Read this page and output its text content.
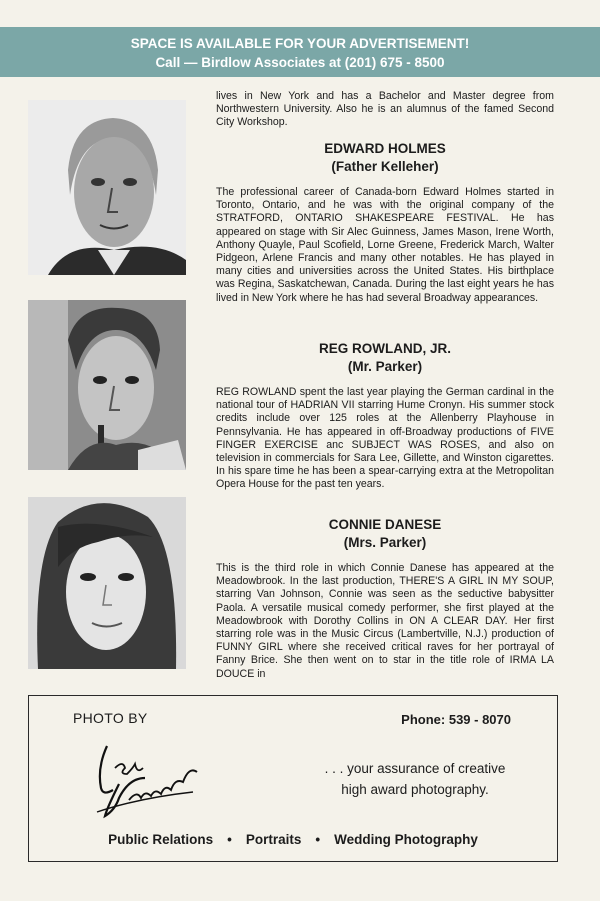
SPACE IS AVAILABLE FOR YOUR ADVERTISEMENT!
Call — Birdlow Associates at (201) 675 - 8500
lives in New York and has a Bachelor and Master degree from Northwestern University. Also he is an alumnus of the famed Second City Workshop.
EDWARD HOLMES
(Father Kelleher)
The professional career of Canada-born Edward Holmes started in Toronto, Ontario, and he was with the original company of the STRATFORD, ONTARIO SHAKESPEARE FESTIVAL. He has appeared on stage with Sir Alec Guinness, James Mason, Irene Worth, Anthony Quayle, Paul Scofield, Lorne Greene, Frederick March, Walter Pidgeon, Arlene Francis and many other notables. He has played in many cities and universities across the United States. His birthplace was Regina, Saskatchewan, Canada. During the last eight years he has lived in New York where he has had several Broadway appearances.
REG ROWLAND, JR.
(Mr. Parker)
REG ROWLAND spent the last year playing the German cardinal in the national tour of HADRIAN VII starring Hume Cronyn. His summer stock credits include over 125 roles at the Allenberry Playhouse in Pennsylvania. He has appeared in off-Broadway productions of FIVE FINGER EXERCISE anc SUBJECT WAS ROSES, and also on television in commercials for Sara Lee, Gillette, and Winston cigarettes. In his spare time he has been a spear-carrying extra at the Metropolitan Opera House for the past ten years.
CONNIE DANESE
(Mrs. Parker)
This is the third role in which Connie Danese has appeared at the Meadowbrook. In the last production, THERE'S A GIRL IN MY SOUP, starring Van Johnson, Connie was seen as the seductive babysitter Paola. A versatile musical comedy performer, she first played at the Meadowbrook with Dorothy Collins in ON A CLEAR DAY. Her first starring role was in the Music Circus (Lambertville, N.J.) production of FUNNY GIRL where she received critical raves for her portrayal of Fanny Brice. She then went on to star in the title role of IRMA LA DOUCE in
PHOTO BY	Phone: 539 - 8070
. . . your assurance of creative
high award photography.
Public Relations • Portraits • Wedding Photography
